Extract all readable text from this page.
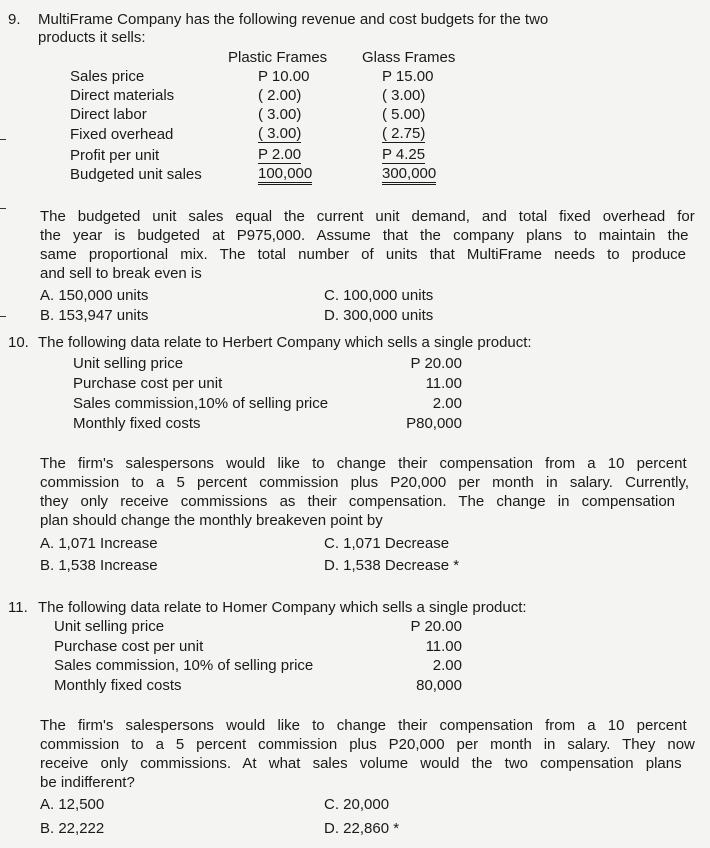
9. MultiFrame Company has the following revenue and cost budgets for the two
products it sells:
Plastic Frames Glass Frames
Sales price
Direct materials
Direct labor
Fixed overhead
Profit per unit
Budgeted unit sales
P 10.00
( 2.00)
( 3.00)
( 3.00)
P 2.00
100,000
P 15.00
( 3.00)
( 5.00)
( 2.75)
P 4.25
300,000
The budgeted unit sales equal the current unit demand, and total fixed overhead for
the year is budgeted at P975,000. Assume that the company plans to maintain the
same proportional mix. The total number of units that MultiFrame needs to produce
and sell to break even is
A. 150,000 units
B. 153,947 units
C. 100,000 units
D. 300,000 units
10. The following data relate to Herbert Company which sells a single product:
Unit selling price
Purchase cost per unit
Sales commission,10% of selling price
Monthly fixed costs
P 20.00
11.00
2.00
P80,000
The firm's salespersons would like to change their compensation from a 10 percent
commission to a 5 percent commission plus P20,000 per month in salary. Currently,
they only receive commissions as their compensation. The change in compensation
plan should change the monthly breakeven point by
A. 1,071 Increase
B. 1,538 Increase
C. 1,071 Decrease
D. 1,538 Decrease *
11. The following data relate to Homer Company which sells a single product:
Unit selling price
Purchase cost per unit
Sales commission, 10% of selling price
Monthly fixed costs
P 20.00
11.00
2.00
80,000
The firm's salespersons would like to change their compensation from a 10 percent
commission to a 5 percent commission plus P20,000 per month in salary. They now
receive only commissions. At what sales volume would the two compensation plans
be indifferent?
A. 12,500
B. 22,222
C. 20,000
D. 22,860 *
